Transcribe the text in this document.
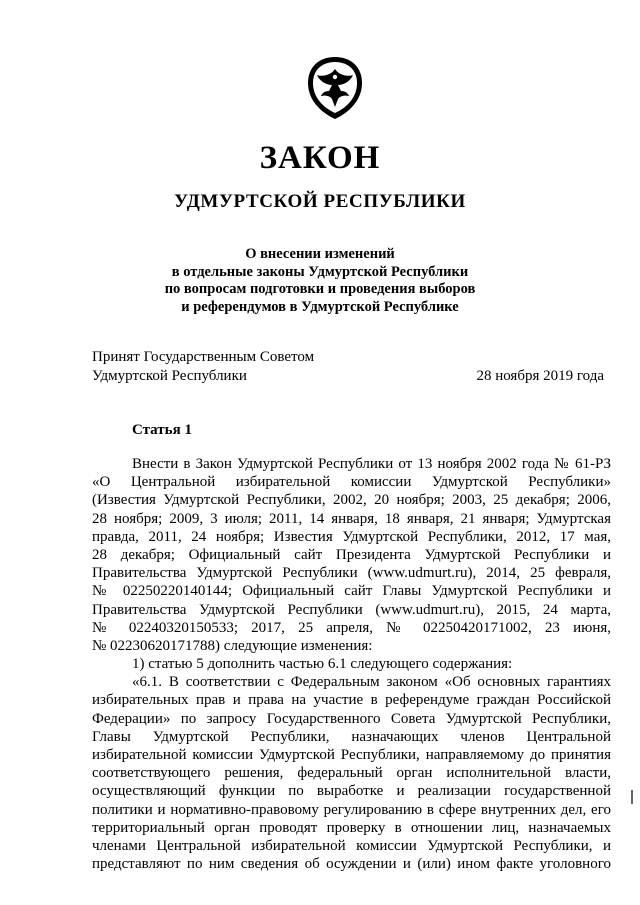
ЗАКОН
УДМУРТСКОЙ РЕСПУБЛИКИ
О внесении изменений
в отдельные законы Удмуртской Республики
по вопросам подготовки и проведения выборов
и референдумов в Удмуртской Республике
Принят Государственным Советом
Удмуртской Республики	28 ноября 2019 года
Статья 1
Внести в Закон Удмуртской Республики от 13 ноября 2002 года № 61-РЗ
«О Центральной избирательной комиссии Удмуртской Республики»
(Известия Удмуртской Республики, 2002, 20 ноября; 2003, 25 декабря; 2006,
28 ноября; 2009, 3 июля; 2011, 14 января, 18 января, 21 января; Удмуртская
правда, 2011, 24 ноября; Известия Удмуртской Республики, 2012, 17 мая,
28 декабря; Официальный сайт Президента Удмуртской Республики и
Правительства Удмуртской Республики (www.udmurt.ru), 2014, 25 февраля,
№ 02250220140144; Официальный сайт Главы Удмуртской Республики и
Правительства Удмуртской Республики (www.udmurt.ru), 2015, 24 марта,
№ 02240320150533; 2017, 25 апреля, № 02250420171002, 23 июня,
№ 02230620171788) следующие изменения:
1) статью 5 дополнить частью 6.1 следующего содержания:
«6.1. В соответствии с Федеральным законом «Об основных гарантиях
избирательных прав и права на участие в референдуме граждан Российской
Федерации» по запросу Государственного Совета Удмуртской Республики,
Главы Удмуртской Республики, назначающих членов Центральной
избирательной комиссии Удмуртской Республики, направляемому до принятия
соответствующего решения, федеральный орган исполнительной власти,
осуществляющий функции по выработке и реализации государственной
политики и нормативно-правовому регулированию в сфере внутренних дел, его
территориальный орган проводят проверку в отношении лиц, назначаемых
членами Центральной избирательной комиссии Удмуртской Республики, и
представляют по ним сведения об осуждении и (или) ином факте уголовного
